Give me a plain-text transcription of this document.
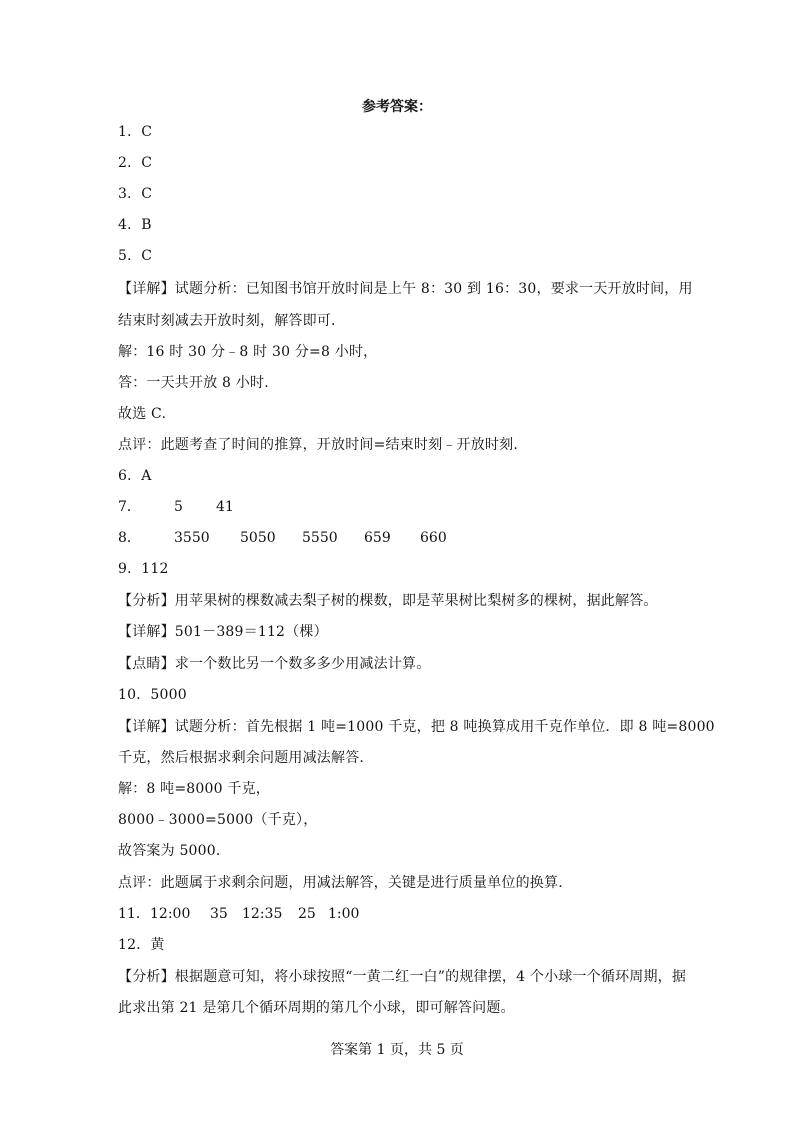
参考答案：
1．C
2．C
3．C
4．B
5．C
【详解】试题分析：已知图书馆开放时间是上午 8：30 到 16：30，要求一天开放时间，用
结束时刻减去开放时刻，解答即可.
解：16 时 30 分﹣8 时 30 分=8 小时，
答：一天共开放 8 小时.
故选 C.
点评：此题考查了时间的推算，开放时间=结束时刻﹣开放时刻.
6．A
7． 5 41
8． 3550 5050 5550 659 660
9．112
【分析】用苹果树的棵数减去梨子树的棵数，即是苹果树比梨树多的棵树，据此解答。
【详解】501－389＝112（棵）
【点睛】求一个数比另一个数多多少用减法计算。
10．5000
【详解】试题分析：首先根据 1 吨=1000 千克，把 8 吨换算成用千克作单位．即 8 吨=8000
千克，然后根据求剩余问题用减法解答.
解：8 吨=8000 千克，
8000﹣3000=5000（千克），
故答案为 5000.
点评：此题属于求剩余问题，用减法解答，关键是进行质量单位的换算.
11． 12:00 35 12:35 25 1:00
12．黄
【分析】根据题意可知，将小球按照“一黄二红一白”的规律摆，4 个小球一个循环周期，据
此求出第 21 是第几个循环周期的第几个小球，即可解答问题。
答案第 1 页，共 5 页
